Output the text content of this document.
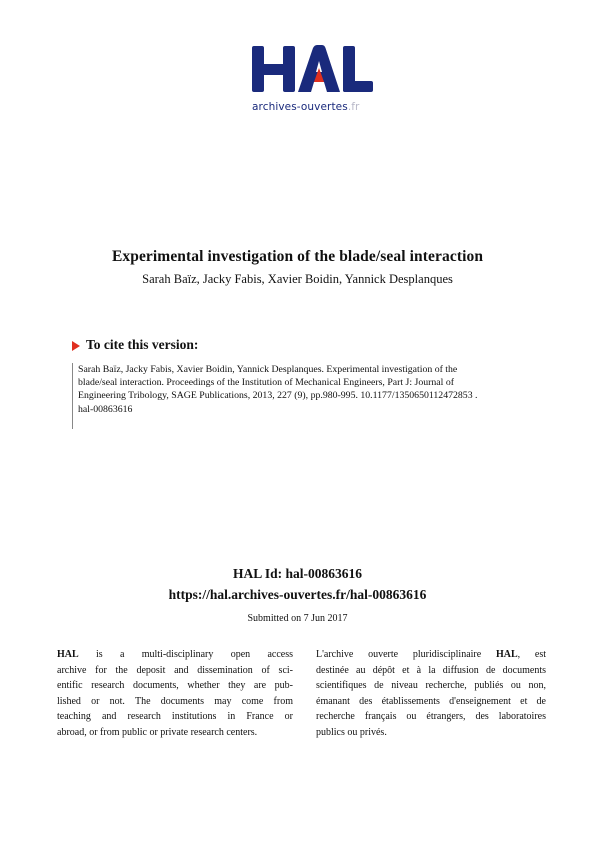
archives-ouvertes.fr
Experimental investigation of the blade/seal interaction
Sarah Baïz, Jacky Fabis, Xavier Boidin, Yannick Desplanques
To cite this version:
Sarah Baïz, Jacky Fabis, Xavier Boidin, Yannick Desplanques. Experimental investigation of the
blade/seal interaction. Proceedings of the Institution of Mechanical Engineers, Part J: Journal of
Engineering Tribology, SAGE Publications, 2013, 227 (9), pp.980-995. 10.1177/1350650112472853 .
hal-00863616
HAL Id: hal-00863616
https://hal.archives-ouvertes.fr/hal-00863616
Submitted on 7 Jun 2017
HAL is a multi-disciplinary open access
archive for the deposit and dissemination of sci-
entific research documents, whether they are pub-
lished or not. The documents may come from
teaching and research institutions in France or
abroad, or from public or private research centers.
L'archive ouverte pluridisciplinaire HAL, est
destinée au dépôt et à la diffusion de documents
scientifiques de niveau recherche, publiés ou non,
émanant des établissements d'enseignement et de
recherche français ou étrangers, des laboratoires
publics ou privés.
